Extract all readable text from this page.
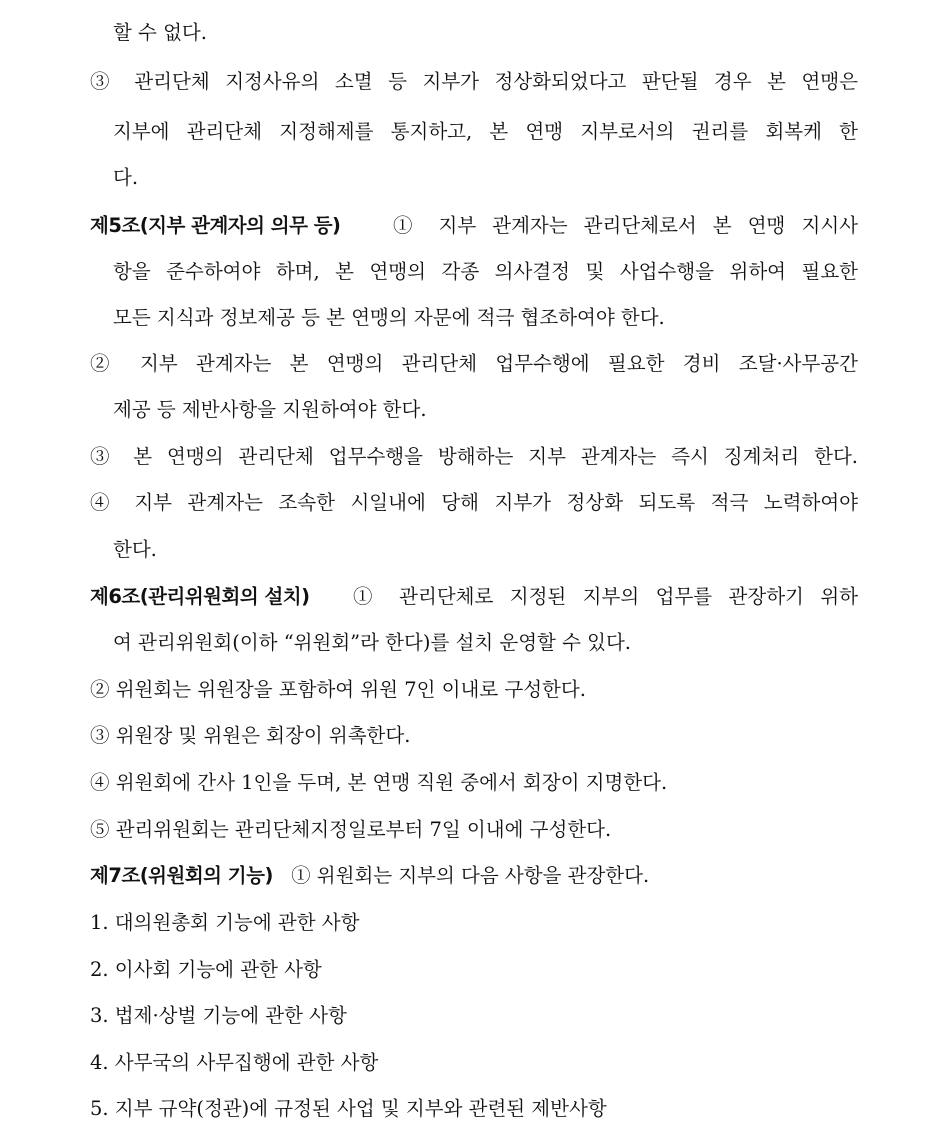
할 수 없다.
③ 관리단체 지정사유의 소멸 등 지부가 정상화되었다고 판단될 경우 본 연맹은
지부에 관리단체 지정해제를 통지하고, 본 연맹 지부로서의 권리를 회복케 한
다.
제5조(지부 관계자의 의무 등)	① 지부 관계자는 관리단체로서 본 연맹 지시사
항을 준수하여야 하며, 본 연맹의 각종 의사결정 및 사업수행을 위하여 필요한
모든 지식과 정보제공 등 본 연맹의 자문에 적극 협조하여야 한다.
② 지부 관계자는 본 연맹의 관리단체 업무수행에 필요한 경비 조달·사무공간
제공 등 제반사항을 지원하여야 한다.
③ 본 연맹의 관리단체 업무수행을 방해하는 지부 관계자는 즉시 징계처리 한다.
④ 지부 관계자는 조속한 시일내에 당해 지부가 정상화 되도록 적극 노력하여야
한다.
제6조(관리위원회의 설치) ① 관리단체로 지정된 지부의 업무를 관장하기 위하
여 관리위원회(이하 “위원회”라 한다)를 설치 운영할 수 있다.
② 위원회는 위원장을 포함하여 위원 7인 이내로 구성한다.
③ 위원장 및 위원은 회장이 위촉한다.
④ 위원회에 간사 1인을 두며, 본 연맹 직원 중에서 회장이 지명한다.
⑤ 관리위원회는 관리단체지정일로부터 7일 이내에 구성한다.
제7조(위원회의 기능) ① 위원회는 지부의 다음 사항을 관장한다.
1. 대의원총회 기능에 관한 사항
2. 이사회 기능에 관한 사항
3. 법제·상벌 기능에 관한 사항
4. 사무국의 사무집행에 관한 사항
5. 지부 규약(정관)에 규정된 사업 및 지부와 관련된 제반사항
